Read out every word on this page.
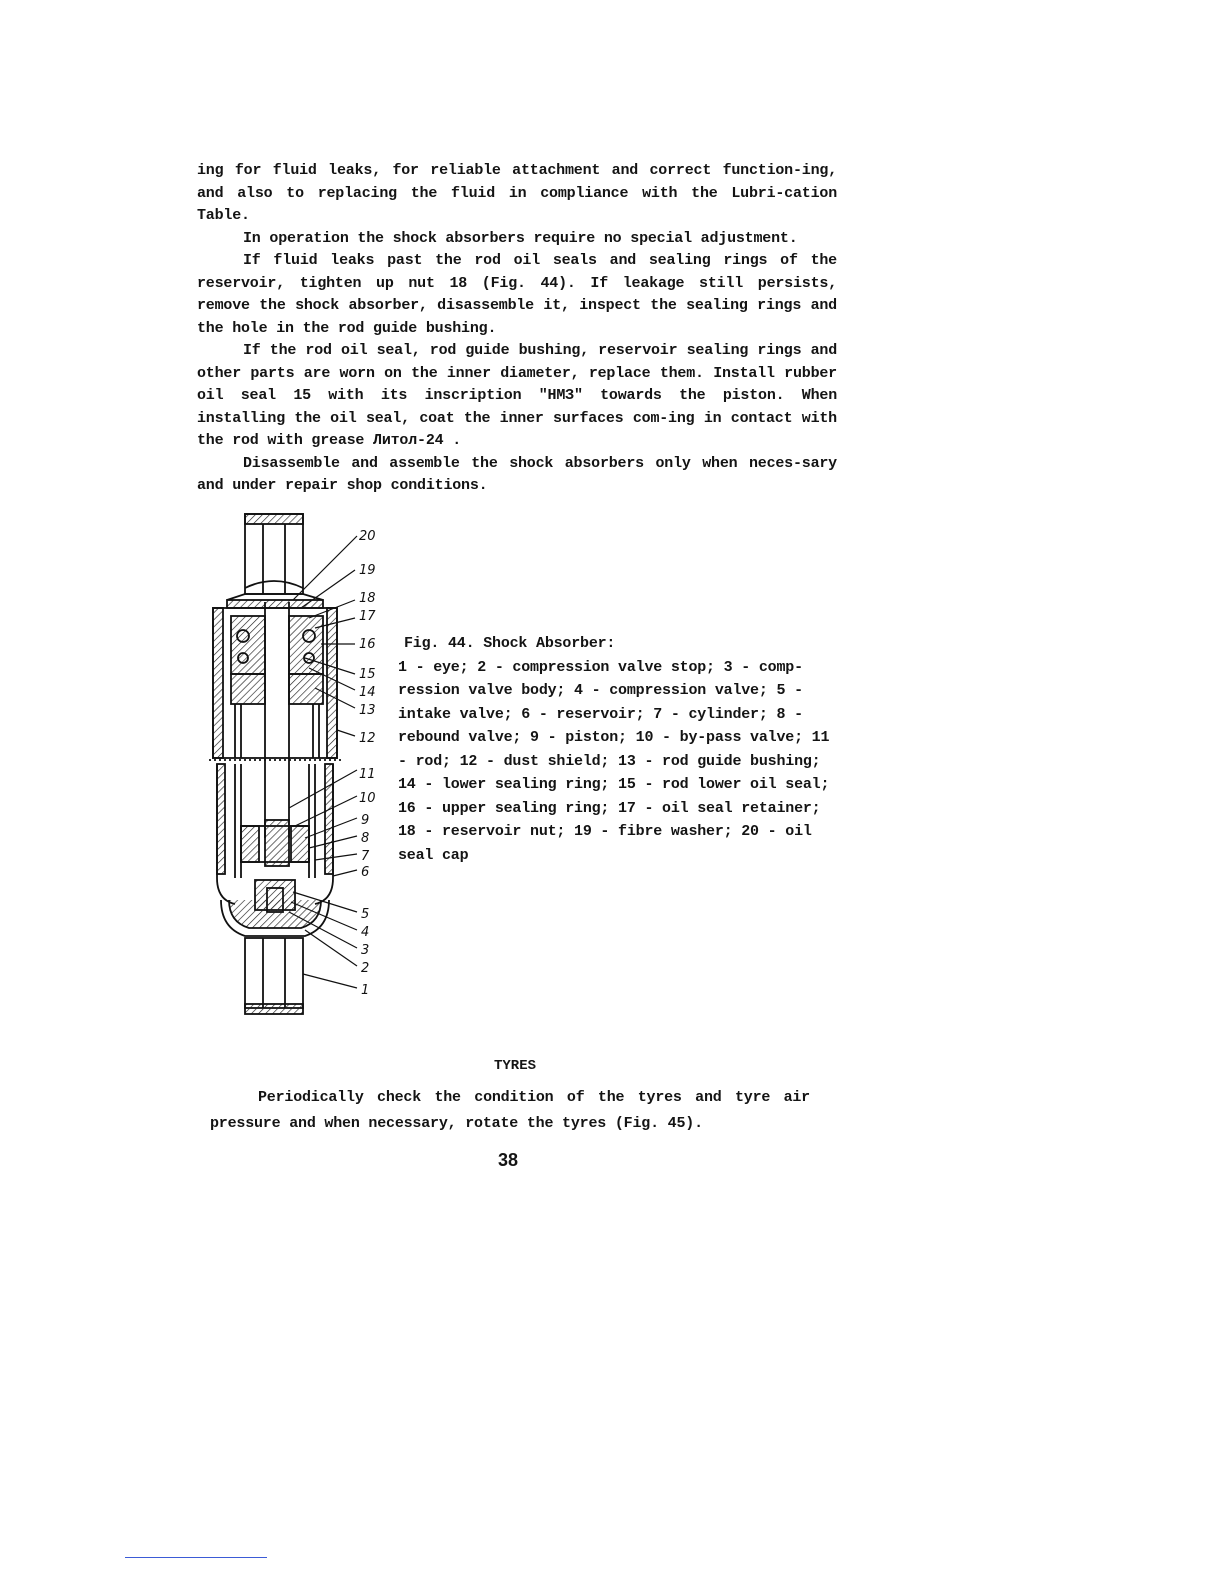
ing for fluid leaks, for reliable attachment and correct function-ing, and also to replacing the fluid in compliance with the Lubri-cation Table.

In operation the shock absorbers require no special adjustment.

If fluid leaks past the rod oil seals and sealing rings of the reservoir, tighten up nut 18 (Fig. 44). If leakage still persists, remove the shock absorber, disassemble it, inspect the sealing rings and the hole in the rod guide bushing.

If the rod oil seal, rod guide bushing, reservoir sealing rings and other parts are worn on the inner diameter, replace them. Install rubber oil seal 15 with its inscription "НМЗ" towards the piston. When installing the oil seal, coat the inner surfaces com-ing in contact with the rod with grease Литол-24 .

Disassemble and assemble the shock absorbers only when neces-sary and under repair shop conditions.

20
19
18
17
16
15
14
13
12
11
10
9
8
7
6
5
4
3
2
1
Fig. 44. Shock Absorber:
1 - eye; 2 - compression valve stop; 3 - comp-ression valve body; 4 - compression valve; 5 - intake valve; 6 - reservoir; 7 - cylinder; 8 - rebound valve; 9 - piston; 10 - by-pass valve; 11 - rod; 12 - dust shield; 13 - rod guide bushing; 14 - lower sealing ring; 15 - rod lower oil seal; 16 - upper sealing ring; 17 - oil seal retainer; 18 - reservoir nut; 19 - fibre washer; 20 - oil seal cap
TYRES

Periodically check the condition of the tyres and tyre air pressure and when necessary, rotate the tyres (Fig. 45).

38
